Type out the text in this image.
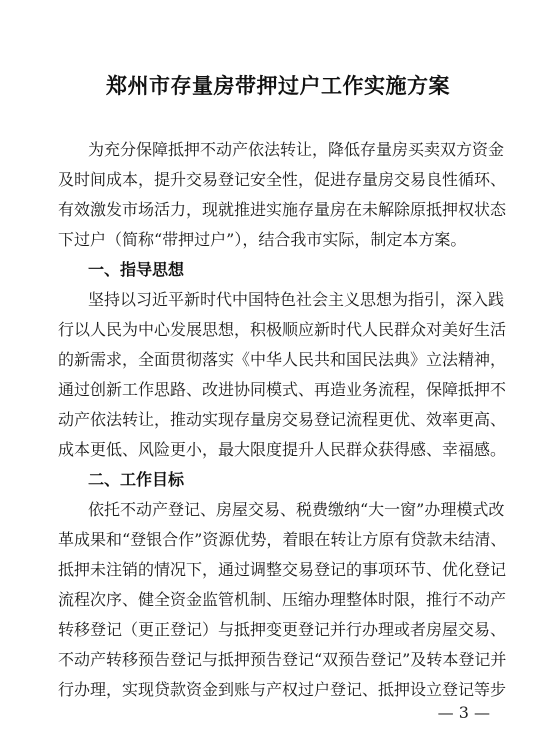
郑州市存量房带押过户工作实施方案
为充分保障抵押不动产依法转让，降低存量房买卖双方资金
及时间成本，提升交易登记安全性，促进存量房交易良性循环、
有效激发市场活力，现就推进实施存量房在未解除原抵押权状态
下过户（简称“带押过户”），结合我市实际，制定本方案。
一、指导思想
坚持以习近平新时代中国特色社会主义思想为指引，深入践
行以人民为中心发展思想，积极顺应新时代人民群众对美好生活
的新需求，全面贯彻落实《中华人民共和国民法典》立法精神，
通过创新工作思路、改进协同模式、再造业务流程，保障抵押不
动产依法转让，推动实现存量房交易登记流程更优、效率更高、
成本更低、风险更小，最大限度提升人民群众获得感、幸福感。
二、工作目标
依托不动产登记、房屋交易、税费缴纳“大一窗”办理模式改
革成果和“登银合作”资源优势，着眼在转让方原有贷款未结清、
抵押未注销的情况下，通过调整交易登记的事项环节、优化登记
流程次序、健全资金监管机制、压缩办理整体时限，推行不动产
转移登记（更正登记）与抵押变更登记并行办理或者房屋交易、
不动产转移预告登记与抵押预告登记“双预告登记”及转本登记并
行办理，实现贷款资金到账与产权过户登记、抵押设立登记等步
— 3 —
